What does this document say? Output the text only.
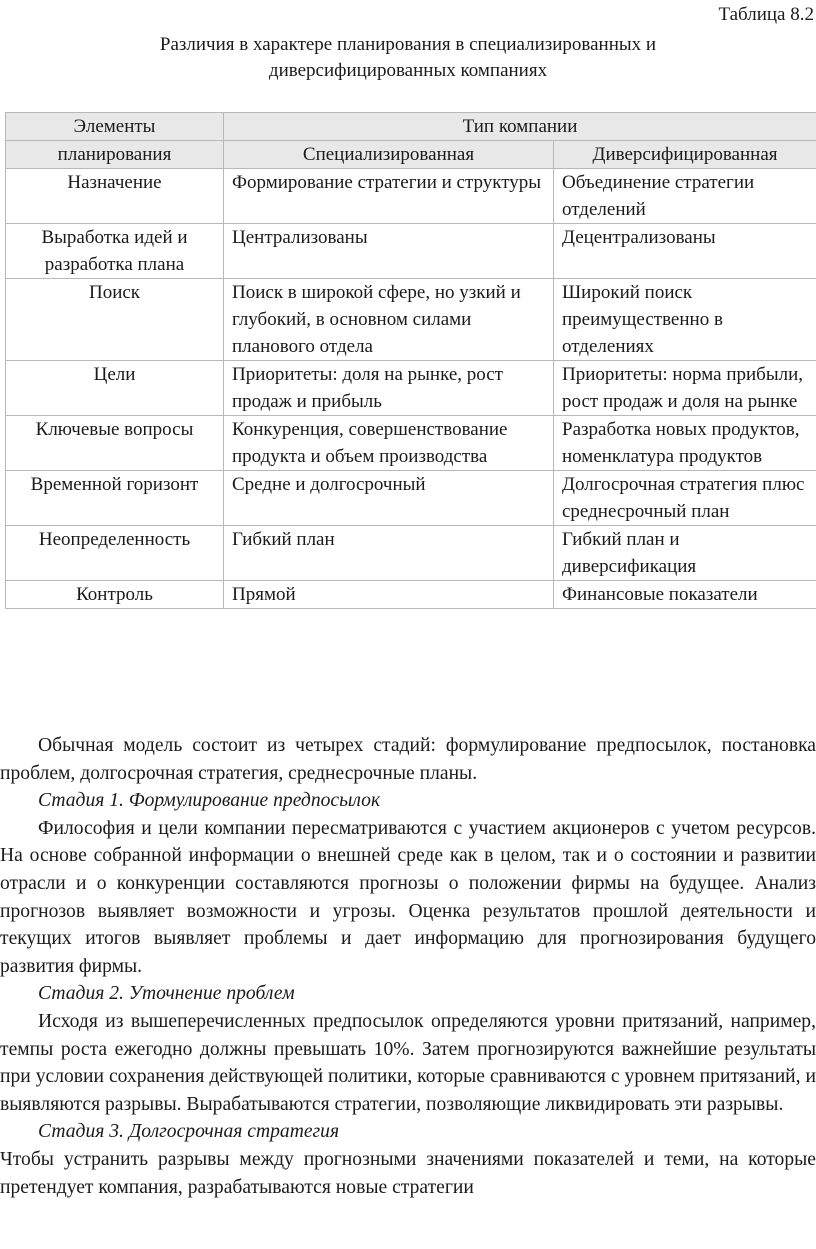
Таблица 8.2
Различия в характере планирования в специализированных и
диверсифицированных компаниях
Элементы	Тип компании	
планирования	Специализированная	Диверсифицированная
Назначение	Формирование стратегии и структуры	Объединение стратегии отделений
Выработка идей и разработка плана	Централизованы	Децентрализованы
Поиск	Поиск в широкой сфере, но узкий и глубокий, в основном силами планового отдела	Широкий поиск преимущественно в отделениях
Цели	Приоритеты: доля на рынке, рост продаж и прибыль	Приоритеты: норма прибыли, рост продаж и доля на рынке
Ключевые вопросы	Конкуренция, совершенствование продукта и объем производства	Разработка новых продуктов, номенклатура продуктов
Временной горизонт	Средне и долгосрочный	Долгосрочная стратегия плюс среднесрочный план
Неопределенность	Гибкий план	Гибкий план и диверсификация
Контроль	Прямой	Финансовые показатели

Обычная модель состоит из четырех стадий: формулирование предпосылок, постановка проблем, долгосрочная стратегия, среднесрочные планы.

Стадия 1. Формулирование предпосылок

Философия и цели компании пересматриваются с участием акционеров с учетом ресурсов. На основе собранной информации о внешней среде как в целом, так и о состоянии и развитии отрасли и о конкуренции составляются прогнозы о положении фирмы на будущее. Анализ прогнозов выявляет возможности и угрозы. Оценка результатов прошлой деятельности и текущих итогов выявляет проблемы и дает информацию для прогнозирования будущего развития фирмы.

Стадия 2. Уточнение проблем

Исходя из вышеперечисленных предпосылок определяются уровни притязаний, например, темпы роста ежегодно должны превышать 10%. Затем прогнозируются важнейшие результаты при условии сохранения действующей политики, которые сравниваются с уровнем притязаний, и выявляются разрывы. Вырабатываются стратегии, позволяющие ликвидировать эти разрывы.

Стадия 3. Долгосрочная стратегия

Чтобы устранить разрывы между прогнозными значениями показателей и теми, на которые претендует компания, разрабатываются новые стратегии
